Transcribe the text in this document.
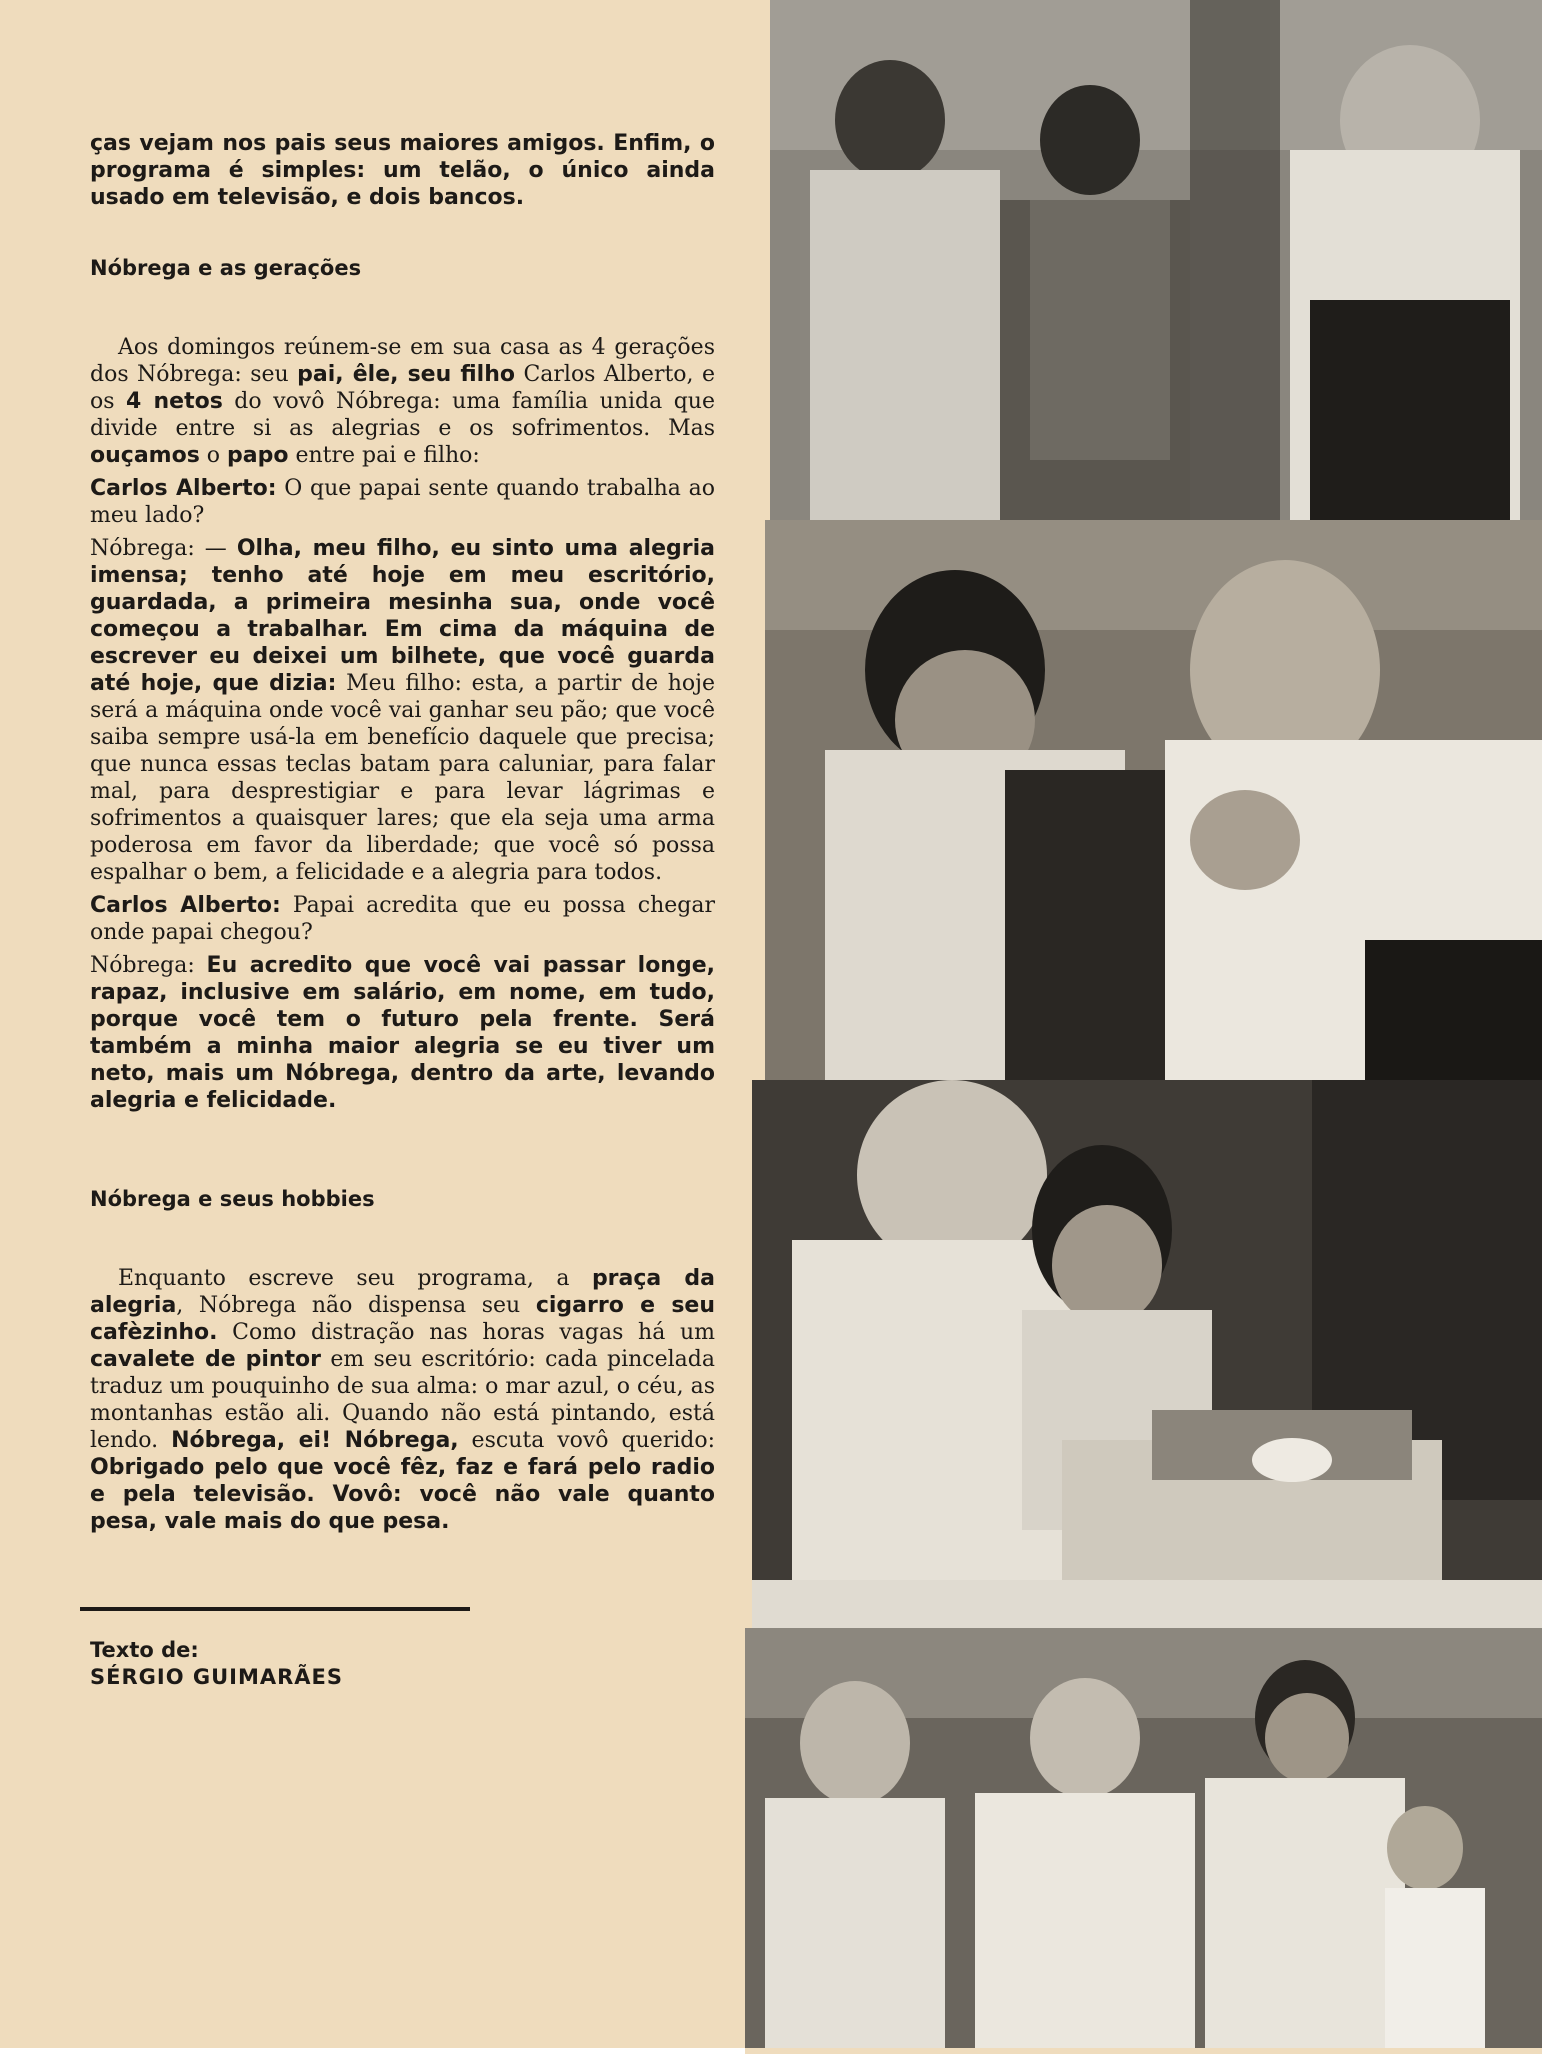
ças vejam nos pais seus maiores amigos. Enfim, o programa é simples: um telão, o único ainda usado em televisão, e dois bancos.

Nóbrega e as gerações

Aos domingos reúnem-se em sua casa as 4 gerações dos Nóbrega: seu pai, êle, seu filho Carlos Alberto, e os 4 netos do vovô Nóbrega: uma família unida que divide entre si as alegrias e os sofrimentos. Mas ouçamos o papo entre pai e filho:

Carlos Alberto: O que papai sente quando trabalha ao meu lado?

Nóbrega: — Olha, meu filho, eu sinto uma alegria imensa; tenho até hoje em meu escritório, guardada, a primeira mesinha sua, onde você começou a trabalhar. Em cima da máquina de escrever eu deixei um bilhete, que você guarda até hoje, que dizia: Meu filho: esta, a partir de hoje será a máquina onde você vai ganhar seu pão; que você saiba sempre usá-la em benefício daquele que precisa; que nunca essas teclas batam para caluniar, para falar mal, para desprestigiar e para levar lágrimas e sofrimentos a quaisquer lares; que ela seja uma arma poderosa em favor da liberdade; que você só possa espalhar o bem, a felicidade e a alegria para todos.

Carlos Alberto: Papai acredita que eu possa chegar onde papai chegou?

Nóbrega: Eu acredito que você vai passar longe, rapaz, inclusive em salário, em nome, em tudo, porque você tem o futuro pela frente. Será também a minha maior alegria se eu tiver um neto, mais um Nóbrega, dentro da arte, levando alegria e felicidade.

Nóbrega e seus hobbies

Enquanto escreve seu programa, a praça da alegria, Nóbrega não dispensa seu cigarro e seu cafèzinho. Como distração nas horas vagas há um cavalete de pintor em seu escritório: cada pincelada traduz um pouquinho de sua alma: o mar azul, o céu, as montanhas estão ali. Quando não está pintando, está lendo. Nóbrega, ei! Nóbrega, escuta vovô querido: Obrigado pelo que você fêz, faz e fará pelo radio e pela televisão. Vovô: você não vale quanto pesa, vale mais do que pesa.

Texto de:

SÉRGIO GUIMARÃES
